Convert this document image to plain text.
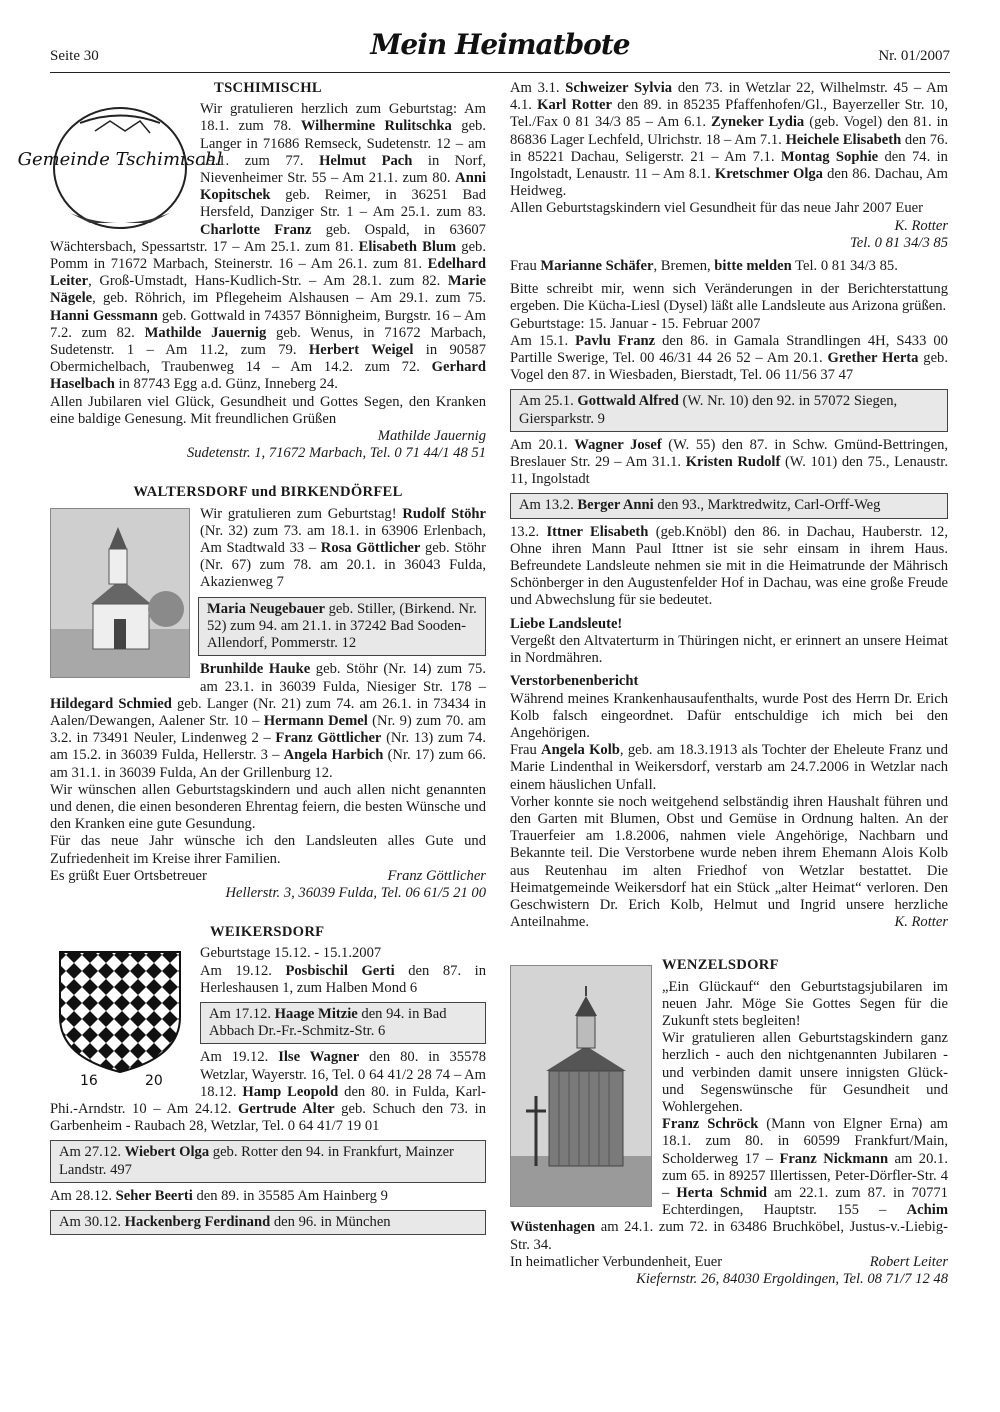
Seite 30	Mein Heimatbote	Nr. 01/2007
TSCHIMISCHL
Gemeinde Tschimischl

Wir gratulieren herzlich zum Geburtstag: Am 18.1. zum 78. Wilhermine Rulitschka geb. Langer in 71686 Remseck, Sudetenstr. 12 – am 19.1. zum 77. Helmut Pach in Norf, Nievenheimer Str. 55 – Am 21.1. zum 80. Anni Kopitschek geb. Reimer, in 36251 Bad Hersfeld, Danziger Str. 1 – Am 25.1. zum 83. Charlotte Franz geb. Ospald, in 63607 Wächtersbach, Spessartstr. 17 – Am 25.1. zum 81. Elisabeth Blum geb. Pomm in 71672 Marbach, Steinerstr. 16 – Am 26.1. zum 81. Edelhard Leiter, Groß-Umstadt, Hans-Kudlich-Str. – Am 28.1. zum 82. Marie Nägele, geb. Röhrich, im Pflegeheim Alshausen – Am 29.1. zum 75. Hanni Gessmann geb. Gottwald in 74357 Bönnigheim, Burgstr. 16 – Am 7.2. zum 82. Mathilde Jauernig geb. Wenus, in 71672 Marbach, Sudetenstr. 1 – Am 11.2, zum 79. Herbert Weigel in 90587 Obermichelbach, Traubenweg 14 – Am 14.2. zum 72. Gerhard Haselbach in 87743 Egg a.d. Günz, Inneberg 24.

Allen Jubilaren viel Glück, Gesundheit und Gottes Segen, den Kranken eine baldige Genesung. Mit freundlichen Grüßen

Mathilde Jauernig

Sudetenstr. 1, 71672 Marbach, Tel. 0 71 44/1 48 51

WALTERSDORF und BIRKENDÖRFEL

Wir gratulieren zum Geburtstag! Rudolf Stöhr (Nr. 32) zum 73. am 18.1. in 63906 Erlenbach, Am Stadtwald 33 – Rosa Göttlicher geb. Stöhr (Nr. 67) zum 78. am 20.1. in 36043 Fulda, Akazienweg 7

Maria Neugebauer geb. Stiller, (Birkend. Nr. 52) zum 94. am 21.1. in 37242 Bad Sooden-Allendorf, Pommerstr. 12

Brunhilde Hauke geb. Stöhr (Nr. 14) zum 75. am 23.1. in 36039 Fulda, Niesiger Str. 178 – Hildegard Schmied geb. Langer (Nr. 21) zum 74. am 26.1. in 73434 in Aalen/Dewangen, Aalener Str. 10 – Hermann Demel (Nr. 9) zum 70. am 3.2. in 73491 Neuler, Lindenweg 2 – Franz Göttlicher (Nr. 13) zum 74. am 15.2. in 36039 Fulda, Hellerstr. 3 – Angela Harbich (Nr. 17) zum 66. am 31.1. in 36039 Fulda, An der Grillenburg 12.

Wir wünschen allen Geburtstagskindern und auch allen nicht genannten und denen, die einen besonderen Ehrentag feiern, die besten Wünsche und den Kranken eine gute Gesundung.

Für das neue Jahr wünsche ich den Landsleuten alles Gute und Zufriedenheit im Kreise ihrer Familien.

Es grüßt Euer Ortsbetreuer	Franz Göttlicher

Hellerstr. 3, 36039 Fulda, Tel. 06 61/5 21 00

WEIKERSDORF
16	20

Geburtstage 15.12. - 15.1.2007

Am 19.12. Posbischil Gerti den 87. in Herleshausen 1, zum Halben Mond 6

Am 17.12. Haage Mitzie den 94. in Bad Abbach Dr.-Fr.-Schmitz-Str. 6

Am 19.12. Ilse Wagner den 80. in 35578 Wetzlar, Wayerstr. 16, Tel. 0 64 41/2 28 74 – Am 18.12. Hamp Leopold den 80. in Fulda, Karl-Phi.-Arndstr. 10 – Am 24.12. Gertrude Alter geb. Schuch den 73. in Garbenheim - Raubach 28, Wetzlar, Tel. 0 64 41/7 19 01

Am 27.12. Wiebert Olga geb. Rotter den 94. in Frankfurt, Mainzer Landstr. 497

Am 28.12. Seher Beerti den 89. in 35585 Am Hainberg 9

Am 30.12. Hackenberg Ferdinand den 96. in München

Am 3.1. Schweizer Sylvia den 73. in Wetzlar 22, Wilhelmstr. 45 – Am 4.1. Karl Rotter den 89. in 85235 Pfaffenhofen/Gl., Bayerzeller Str. 10, Tel./Fax 0 81 34/3 85 – Am 6.1. Zyneker Lydia (geb. Vogel) den 81. in 86836 Lager Lechfeld, Ulrichstr. 18 – Am 7.1. Heichele Elisabeth den 76. in 85221 Dachau, Seligerstr. 21 – Am 7.1. Montag Sophie den 74. in Ingolstadt, Lenaustr. 11 – Am 8.1. Kretschmer Olga den 86. Dachau, Am Heidweg.

Allen Geburtstagskindern viel Gesundheit für das neue Jahr 2007 Euer

K. Rotter

Tel. 0 81 34/3 85

Frau Marianne Schäfer, Bremen, bitte melden Tel. 0 81 34/3 85.

Bitte schreibt mir, wenn sich Veränderungen in der Berichterstattung ergeben. Die Kücha-Liesl (Dysel) läßt alle Landsleute aus Arizona grüßen.

Geburtstage: 15. Januar - 15. Februar 2007

Am 15.1. Pavlu Franz den 86. in Gamala Strandlingen 4H, S433 00 Partille Swerige, Tel. 00 46/31 44 26 52 – Am 20.1. Grether Herta geb. Vogel den 87. in Wiesbaden, Bierstadt, Tel. 06 11/56 37 47

Am 25.1. Gottwald Alfred (W. Nr. 10) den 92. in 57072 Siegen, Giersparkstr. 9

Am 20.1. Wagner Josef (W. 55) den 87. in Schw. Gmünd-Bettringen, Breslauer Str. 29 – Am 31.1. Kristen Rudolf (W. 101) den 75., Lenaustr. 11, Ingolstadt

Am 13.2. Berger Anni den 93., Marktredwitz, Carl-Orff-Weg

13.2. Ittner Elisabeth (geb.Knöbl) den 86. in Dachau, Hauberstr. 12, Ohne ihren Mann Paul Ittner ist sie sehr einsam in ihrem Haus. Befreundete Landsleute nehmen sie mit in die Heimatrunde der Mährisch Schönberger in den Augustenfelder Hof in Dachau, was eine große Freude und Abwechslung für sie bedeutet.

Liebe Landsleute!

Vergeßt den Altvaterturm in Thüringen nicht, er erinnert an unsere Heimat in Nordmähren.

Verstorbenenbericht

Während meines Krankenhausaufenthalts, wurde Post des Herrn Dr. Erich Kolb falsch eingeordnet. Dafür entschuldige ich mich bei den Angehörigen.

Frau Angela Kolb, geb. am 18.3.1913 als Tochter der Eheleute Franz und Marie Lindenthal in Weikersdorf, verstarb am 24.7.2006 in Wetzlar nach einem häuslichen Unfall.

Vorher konnte sie noch weitgehend selbständig ihren Haushalt führen und den Garten mit Blumen, Obst und Gemüse in Ordnung halten. An der Trauerfeier am 1.8.2006, nahmen viele Angehörige, Nachbarn und Bekannte teil. Die Verstorbene wurde neben ihrem Ehemann Alois Kolb aus Reutenhau im alten Friedhof von Wetzlar bestattet. Die Heimatgemeinde Weikersdorf hat ein Stück „alter Heimat“ verloren. Den Geschwistern Dr. Erich Kolb, Helmut und Ingrid unsere herzliche Anteilnahme.	K. Rotter

WENZELSDORF

„Ein Glückauf“ den Geburtstagsjubilaren im neuen Jahr. Möge Sie Gottes Segen für die Zukunft stets begleiten!

Wir gratulieren allen Geburtstagskindern ganz herzlich - auch den nichtgenannten Jubilaren - und verbinden damit unsere innigsten Glück- und Segenswünsche für Gesundheit und Wohlergehen.

Franz Schröck (Mann von Elgner Erna) am 18.1. zum 80. in 60599 Frankfurt/Main, Scholderweg 17 – Franz Nickmann am 20.1. zum 65. in 89257 Illertissen, Peter-Dörfler-Str. 4 – Herta Schmid am 22.1. zum 87. in 70771 Echterdingen, Hauptstr. 155 – Achim Wüstenhagen am 24.1. zum 72. in 63486 Bruchköbel, Justus-v.-Liebig-Str. 34.

In heimatlicher Verbundenheit, Euer	Robert Leiter

Kiefernstr. 26, 84030 Ergoldingen, Tel. 08 71/7 12 48
